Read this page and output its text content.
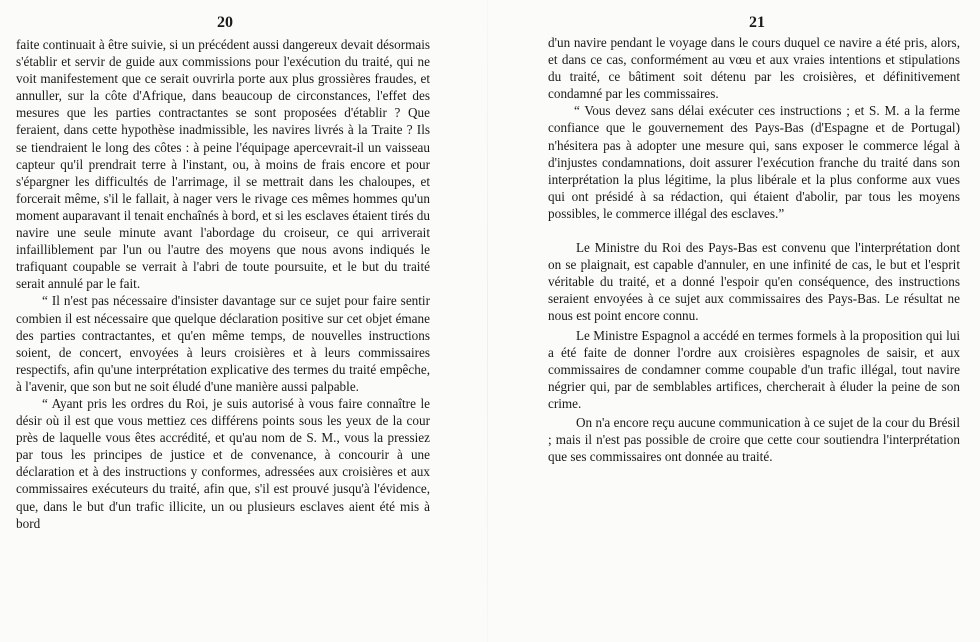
20

faite continuait à être suivie, si un précédent aussi dangereux devait désormais s'établir et servir de guide aux commissions pour l'exécution du traité, qui ne voit manifestement que ce serait ouvrirla porte aux plus grossières fraudes, et annuller, sur la côte d'Afrique, dans beaucoup de circonstances, l'effet des mesures que les parties contractantes se sont proposées d'établir ? Que feraient, dans cette hypothèse inadmissible, les navires livrés à la Traite ? Ils se tiendraient le long des côtes : à peine l'équipage apercevrait-il un vaisseau capteur qu'il prendrait terre à l'instant, ou, à moins de frais encore et pour s'épargner les difficultés de l'arrimage, il se mettrait dans les chaloupes, et forcerait même, s'il le fallait, à nager vers le rivage ces mêmes hommes qu'un moment auparavant il tenait enchaînés à bord, et si les esclaves étaient tirés du navire une seule minute avant l'abordage du croiseur, ce qui arriverait infailliblement par l'un ou l'autre des moyens que nous avons indiqués le trafiquant coupable se verrait à l'abri de toute poursuite, et le but du traité serait annulé par le fait.

“ Il n'est pas nécessaire d'insister davantage sur ce sujet pour faire sentir combien il est nécessaire que quelque déclaration positive sur cet objet émane des parties contractantes, et qu'en même temps, de nouvelles instructions soient, de concert, envoyées à leurs croisières et à leurs commissaires respectifs, afin qu'une interprétation explicative des termes du traité empêche, à l'avenir, que son but ne soit éludé d'une manière aussi palpable.

“ Ayant pris les ordres du Roi, je suis autorisé à vous faire connaître le désir où il est que vous mettiez ces différens points sous les yeux de la cour près de laquelle vous êtes accrédité, et qu'au nom de S. M., vous la pressiez par tous les principes de justice et de convenance, à concourir à une déclaration et à des instructions y conformes, adressées aux croisières et aux commissaires exécuteurs du traité, afin que, s'il est prouvé jusqu'à l'évidence, que, dans le but d'un trafic illicite, un ou plusieurs esclaves aient été mis à bord

21

d'un navire pendant le voyage dans le cours duquel ce navire a été pris, alors, et dans ce cas, conformément au vœu et aux vraies intentions et stipulations du traité, ce bâtiment soit détenu par les croisières, et définitivement condamné par les commissaires.

“ Vous devez sans délai exécuter ces instructions ; et S. M. a la ferme confiance que le gouvernement des Pays-Bas (d'Espagne et de Portugal) n'hésitera pas à adopter une mesure qui, sans exposer le commerce légal à d'injustes condamnations, doit assurer l'exécution franche du traité dans son interprétation la plus légitime, la plus libérale et la plus conforme aux vues qui ont présidé à sa rédaction, qui étaient d'abolir, par tous les moyens possibles, le commerce illégal des esclaves.”

Le Ministre du Roi des Pays-Bas est convenu que l'interprétation dont on se plaignait, est capable d'annuler, en une infinité de cas, le but et l'esprit véritable du traité, et a donné l'espoir qu'en conséquence, des instructions seraient envoyées à ce sujet aux commissaires des Pays-Bas. Le résultat ne nous est point encore connu.

Le Ministre Espagnol a accédé en termes formels à la proposition qui lui a été faite de donner l'ordre aux croisières espagnoles de saisir, et aux commissaires de condamner comme coupable d'un trafic illégal, tout navire négrier qui, par de semblables artifices, chercherait à éluder la peine de son crime.

On n'a encore reçu aucune communication à ce sujet de la cour du Brésil ; mais il n'est pas possible de croire que cette cour soutiendra l'interprétation que ses commissaires ont donnée au traité.
